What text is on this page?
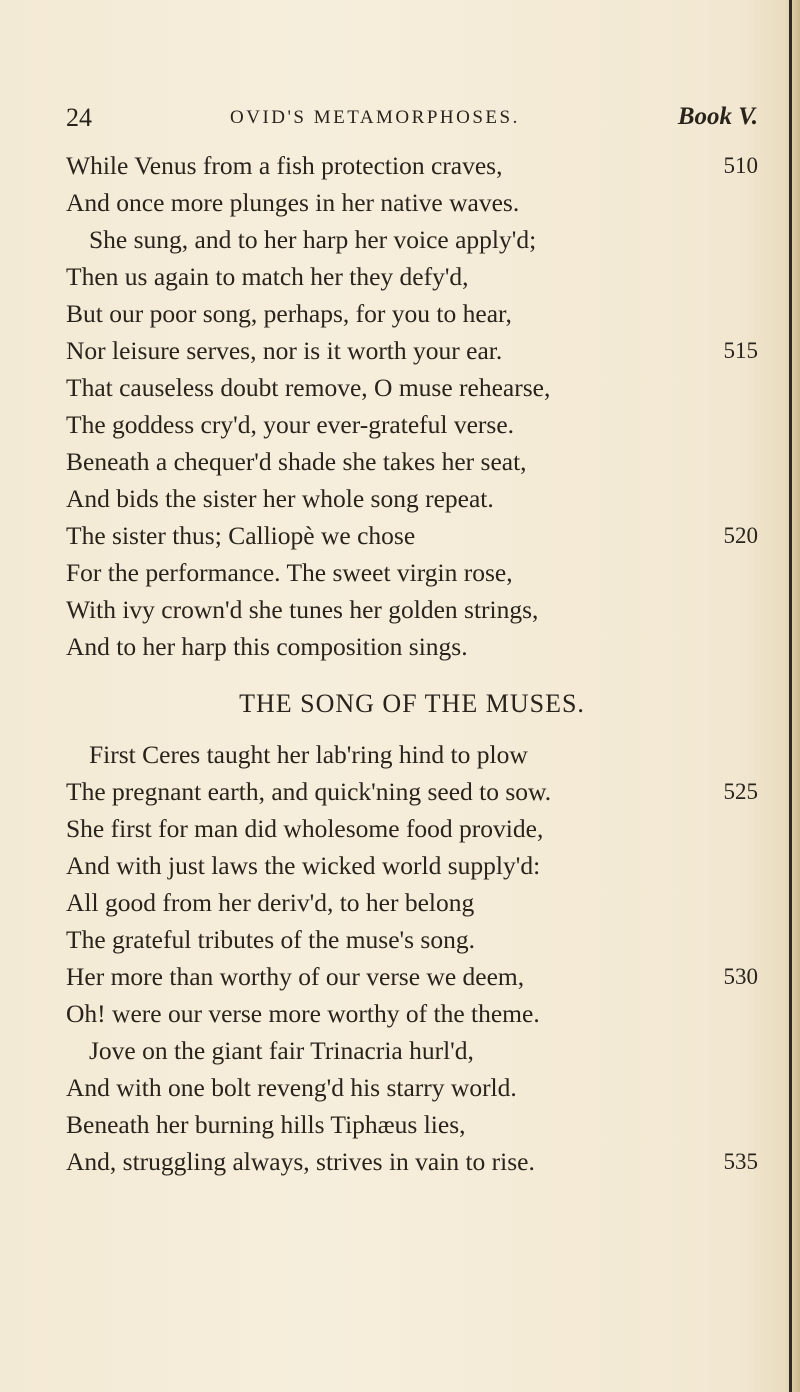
24	OVID'S METAMORPHOSES.	Book V.
While Venus from a fish protection craves,	510
And once more plunges in her native waves.
She sung, and to her harp her voice apply'd;
Then us again to match her they defy'd,
But our poor song, perhaps, for you to hear,
Nor leisure serves, nor is it worth your ear.	515
That causeless doubt remove, O muse rehearse,
The goddess cry'd, your ever-grateful verse.
Beneath a chequer'd shade she takes her seat,
And bids the sister her whole song repeat.
The sister thus; Calliopè we chose	520
For the performance. The sweet virgin rose,
With ivy crown'd she tunes her golden strings,
And to her harp this composition sings.
THE SONG OF THE MUSES.
First Ceres taught her lab'ring hind to plow
The pregnant earth, and quick'ning seed to sow.	525
She first for man did wholesome food provide,
And with just laws the wicked world supply'd:
All good from her deriv'd, to her belong
The grateful tributes of the muse's song.
Her more than worthy of our verse we deem,	530
Oh! were our verse more worthy of the theme.
Jove on the giant fair Trinacria hurl'd,
And with one bolt reveng'd his starry world.
Beneath her burning hills Tiphæus lies,
And, struggling always, strives in vain to rise.	535
